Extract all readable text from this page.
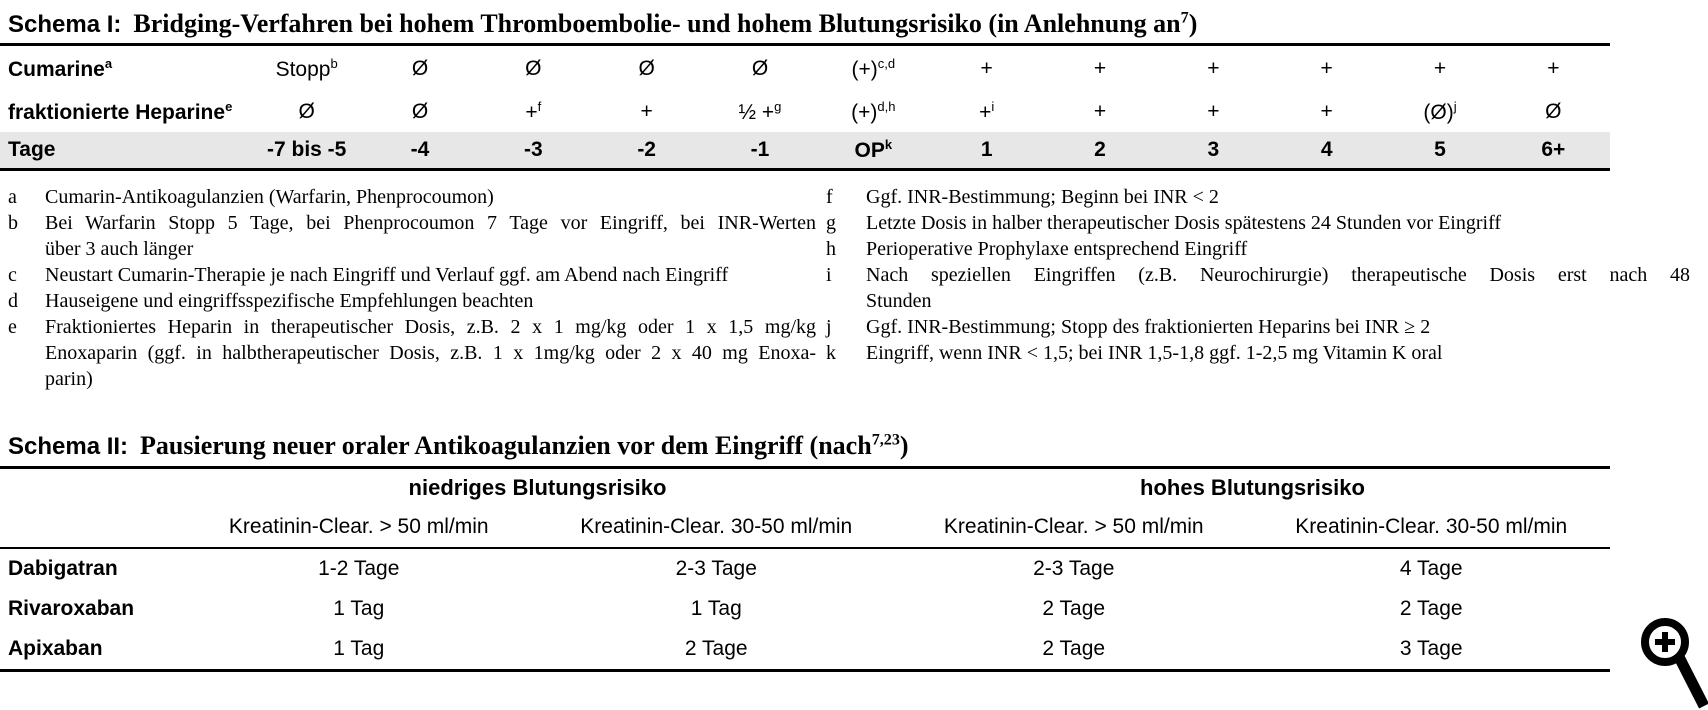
Schema I: Bridging-Verfahren bei hohem Thromboembolie- und hohem Blutungsrisiko (in Anlehnung $an^7$)
Cumarine$^a$	Stopp$^b$	Ø	Ø	Ø	Ø	$(+)^{c,d}$	+	+	+	+	+	+
fraktionierte Heparine$^e$	Ø	Ø	+$^f$	+	½ +$^g$	$(+)^{d,h}$	+$^i$	+	+	+	(Ø)$^j$	Ø
Tage	-7 bis -5	-4	-3	-2	-1	$OP^k$	1	2	3	4	5	6+
a	Cumarin-Antikoagulanzien (Warfarin, Phenprocoumon)	f	Ggf. INR-Bestimmung; Beginn bei INR < 2
b	Bei Warfarin Stopp 5 Tage, bei Phenprocoumon 7 Tage vor Eingriff, bei INR-Werten g	Letzte Dosis in halber therapeutischer Dosis spätestens 24 Stunden vor Eingriff
über 3 auch länger	h	Perioperative Prophylaxe entsprechend Eingriff
c	Neustart Cumarin-Therapie je nach Eingriff und Verlauf ggf. am Abend nach Eingriff	i	Nach speziellen Eingriffen (z.B. Neurochirurgie) therapeutische Dosis erst nach 48
d	Hauseigene und eingriffsspezifische Empfehlungen beachten	Stunden
e	Fraktioniertes Heparin in therapeutischer Dosis, z.B. 2 x 1 mg/kg oder 1 x 1,5 mg/kg j	Ggf. INR-Bestimmung; Stopp des fraktionierten Heparins bei INR ≥ 2
Enoxaparin (ggf. in halbtherapeutischer Dosis, z.B. 1 x 1mg/kg oder 2 x 40 mg Enoxa- k	Eingriff, wenn INR < 1,5; bei INR 1,5-1,8 ggf. 1-2,5 mg Vitamin K oral
parin)
Schema II: Pausierung neuer oraler Antikoagulanzien vor dem Eingriff (nach$^{7,23}$)
niedriges Blutungsrisiko	hohes Blutungsrisiko
Kreatinin-Clear. > 50 ml/min	Kreatinin-Clear. 30-50 ml/min	Kreatinin-Clear. > 50 ml/min	Kreatinin-Clear. 30-50 ml/min
Dabigatran	1-2 Tage	2-3 Tage	2-3 Tage	4 Tage
Rivaroxaban	1 Tag	1 Tag	2 Tage	2 Tage
Apixaban	1 Tag	2 Tage	2 Tage	3 Tage
